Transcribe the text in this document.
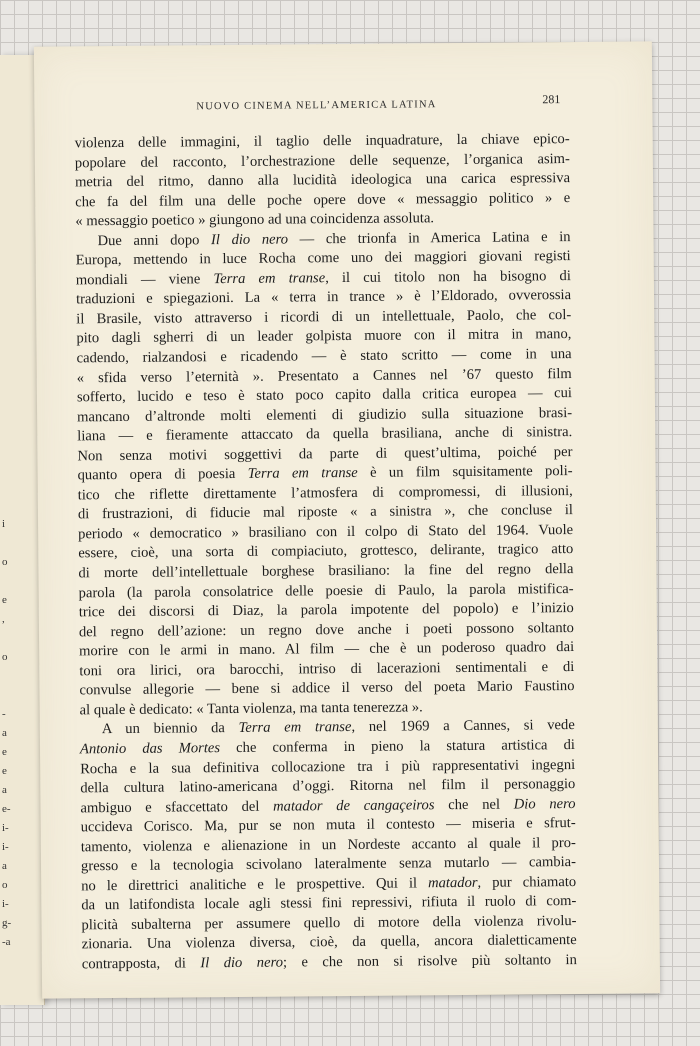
i
o
e
,
o
-
a
e
e
a
e-
i-
i-
a
o
i-
g-
-a
NUOVO CINEMA NELL’AMERICA LATINA	281
violenza delle immagini, il taglio delle inquadrature, la chiave epico-
popolare del racconto, l’orchestrazione delle sequenze, l’organica asim-
metria del ritmo, danno alla lucidità ideologica una carica espressiva
che fa del film una delle poche opere dove « messaggio politico » e
« messaggio poetico » giungono ad una coincidenza assoluta.
Due anni dopo Il dio nero — che trionfa in America Latina e in
Europa, mettendo in luce Rocha come uno dei maggiori giovani registi
mondiali — viene Terra em transe, il cui titolo non ha bisogno di
traduzioni e spiegazioni. La « terra in trance » è l’Eldorado, ovverossia
il Brasile, visto attraverso i ricordi di un intellettuale, Paolo, che col-
pito dagli sgherri di un leader golpista muore con il mitra in mano,
cadendo, rialzandosi e ricadendo — è stato scritto — come in una
« sfida verso l’eternità ». Presentato a Cannes nel ’67 questo film
sofferto, lucido e teso è stato poco capito dalla critica europea — cui
mancano d’altronde molti elementi di giudizio sulla situazione brasi-
liana — e fieramente attaccato da quella brasiliana, anche di sinistra.
Non senza motivi soggettivi da parte di quest’ultima, poiché per
quanto opera di poesia Terra em transe è un film squisitamente poli-
tico che riflette direttamente l’atmosfera di compromessi, di illusioni,
di frustrazioni, di fiducie mal riposte « a sinistra », che concluse il
periodo « democratico » brasiliano con il colpo di Stato del 1964. Vuole
essere, cioè, una sorta di compiaciuto, grottesco, delirante, tragico atto
di morte dell’intellettuale borghese brasiliano: la fine del regno della
parola (la parola consolatrice delle poesie di Paulo, la parola mistifica-
trice dei discorsi di Diaz, la parola impotente del popolo) e l’inizio
del regno dell’azione: un regno dove anche i poeti possono soltanto
morire con le armi in mano. Al film — che è un poderoso quadro dai
toni ora lirici, ora barocchi, intriso di lacerazioni sentimentali e di
convulse allegorie — bene si addice il verso del poeta Mario Faustino
al quale è dedicato: « Tanta violenza, ma tanta tenerezza ».
A un biennio da Terra em transe, nel 1969 a Cannes, si vede
Antonio das Mortes che conferma in pieno la statura artistica di
Rocha e la sua definitiva collocazione tra i più rappresentativi ingegni
della cultura latino-americana d’oggi. Ritorna nel film il personaggio
ambiguo e sfaccettato del matador de cangaçeiros che nel Dio nero
uccideva Corisco. Ma, pur se non muta il contesto — miseria e sfrut-
tamento, violenza e alienazione in un Nordeste accanto al quale il pro-
gresso e la tecnologia scivolano lateralmente senza mutarlo — cambia-
no le direttrici analitiche e le prospettive. Qui il matador, pur chiamato
da un latifondista locale agli stessi fini repressivi, rifiuta il ruolo di com-
plicità subalterna per assumere quello di motore della violenza rivolu-
zionaria. Una violenza diversa, cioè, da quella, ancora dialetticamente
contrapposta, di Il dio nero; e che non si risolve più soltanto in
